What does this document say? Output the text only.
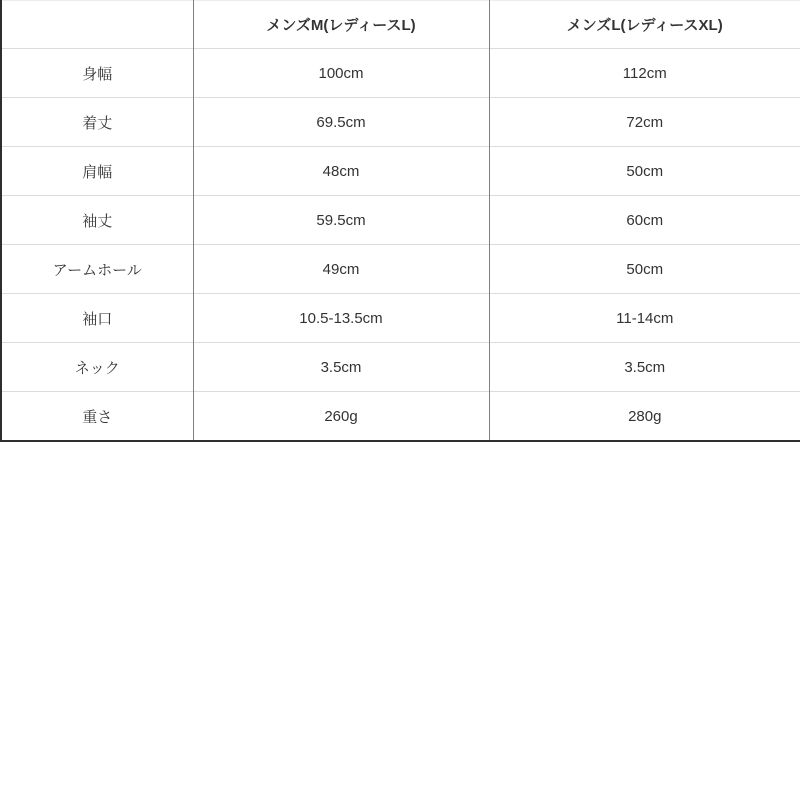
	メンズM(レディースL)	メンズL(レディースXL)
身幅	100cm	112cm
着丈	69.5cm	72cm
肩幅	48cm	50cm
袖丈	59.5cm	60cm
アームホール	49cm	50cm
袖口	10.5-13.5cm	11-14cm
ネック	3.5cm	3.5cm
重さ	260g	280g
